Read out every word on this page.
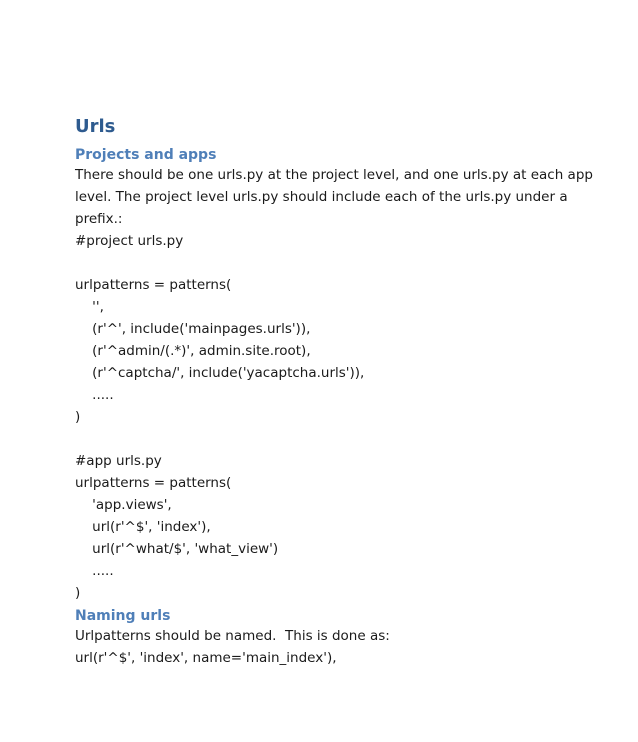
Urls
Projects and apps
There should be one urls.py at the project level, and one urls.py at each app
level. The project level urls.py should include each of the urls.py under a
prefix.:
#project urls.py
urlpatterns = patterns(
'',
(r'^', include('mainpages.urls')),
(r'^admin/(.*)', admin.site.root),
(r'^captcha/', include('yacaptcha.urls')),
.....
)
#app urls.py
urlpatterns = patterns(
'app.views',
url(r'^$', 'index'),
url(r'^what/$', 'what_view')
.....
)
Naming urls
Urlpatterns should be named.  This is done as:
url(r'^$', 'index', name='main_index'),
